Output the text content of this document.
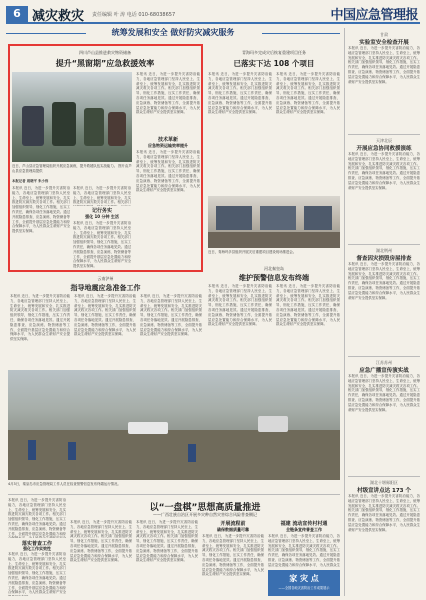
6 减灾救灾 责任编辑 叶 涛 电话 010-68038657	中国应急管理报
统筹发展和安全 做好防灾减灾服务
四川芦山县推进救灾物资储备
提升“黑窗期”应急救援效率
近日，芦山县应急管理局组织开展应急演练，提升救援队伍实战能力。 图片由芦山县应急管理局提供
本报记者 周晓平 朱小伟
本报讯 近日，为进一步提升灾害防治能力，各地应急管理部门坚持人民至上、生命至上，统筹发展和安全，扎实推进防灾减灾救灾各项工作。相关部门加强组织领导，细化工作措施，压实工作责任，确保各项任务落地见效。通过开展隐患排查、应急演练、物资储备等工作，全面提升基层应急处置能力和综合保障水平，为人民群众生命财产安全提供坚实保障。
本报讯 近日，为进一步提升灾害防治能力，各地应急管理部门坚持人民至上、生命至上，统筹发展和安全，扎实推进防灾减灾救灾各项工作。相关部门
记行务实
强化 10 分钟 生活
本报讯 近日，为进一步提升灾害防治能力，各地应急管理部门坚持人民至上、生命至上，统筹发展和安全，扎实推进防灾减灾救灾各项工作。相关部门加强组织领导，细化工作措施，压实工作责任，确保各项任务落地见效。通过开展隐患排查、应急演练、物资储备等工作，全面提升基层应急处置能力和综合保障水平，为人民群众生命财产安全提供坚实保障。
本报讯 近日，为进一步提升灾害防治能力，各地应急管理部门坚持人民至上、生命至上，统筹发展和安全，扎实推进防灾减灾救灾各项工作。相关部门加强组织领导，细化工作措施，压实工作责任，确保各项任务落地见效。通过开展隐患排查、应急演练、物资储备等工作，全面提升基层应急处置能力和综合保障水平，为人民群众生命财产安全提供坚实保障。
技术革新
应急物资运输效率提升
本报讯 近日，为进一步提升灾害防治能力，各地应急管理部门坚持人民至上、生命至上，统筹发展和安全，扎实推进防灾减灾救灾各项工作。相关部门加强组织领导，细化工作措施，压实工作责任，确保各项任务落地见效。通过开展隐患排查、应急演练、物资储备等工作，全面提升基层应急处置能力和综合保障水平，为人民群众生命财产安全提供坚实保障。
云南泸州
指导地震应急准备工作
本报讯 近日，为进一步提升灾害防治能力，各地应急管理部门坚持人民至上、生命至上，统筹发展和安全，扎实推进防灾减灾救灾各项工作。相关部门加强组织领导，细化工作措施，压实工作责任，确保各项任务落地见效。通过开展隐患排查、应急演练、物资储备等工作，全面提升基层应急处置能力和综合保障水平，为人民群众生命财产安全提供坚实保障。
本报讯 近日，为进一步提升灾害防治能力，各地应急管理部门坚持人民至上、生命至上，统筹发展和安全，扎实推进防灾减灾救灾各项工作。相关部门加强组织领导，细化工作措施，压实工作责任，确保各项任务落地见效。通过开展隐患排查、应急演练、物资储备等工作，全面提升基层应急处置能力和综合保障水平，为人民群众生命财产安全提供坚实保障。
本报讯 近日，为进一步提升灾害防治能力，各地应急管理部门坚持人民至上、生命至上，统筹发展和安全，扎实推进防灾减灾救灾各项工作。相关部门加强组织领导，细化工作措施，压实工作责任，确保各项任务落地见效。通过开展隐患排查、应急演练、物资储备等工作，全面提升基层应急处置能力和综合保障水平，为人民群众生命财产安全提供坚实保障。
青海玛多完成灾后恢复重建项目任务
已落实下达 108 个项目
本报讯 近日，为进一步提升灾害防治能力，各地应急管理部门坚持人民至上、生命至上，统筹发展和安全，扎实推进防灾减灾救灾各项工作。相关部门加强组织领导，细化工作措施，压实工作责任，确保各项任务落地见效。通过开展隐患排查、应急演练、物资储备等工作，全面提升基层应急处置能力和综合保障水平，为人民群众生命财产安全提供坚实保障。
本报讯 近日，为进一步提升灾害防治能力，各地应急管理部门坚持人民至上、生命至上，统筹发展和安全，扎实推进防灾减灾救灾各项工作。相关部门加强组织领导，细化工作措施，压实工作责任，确保各项任务落地见效。通过开展隐患排查、应急演练、物资储备等工作，全面提升基层应急处置能力和综合保障水平，为人民群众生命财产安全提供坚实保障。
近日，青海玛多县组织开展灾后重建项目建设现场推进会。
河北秦皇岛
维护预警信息发布终端
本报讯 近日，为进一步提升灾害防治能力，各地应急管理部门坚持人民至上、生命至上，统筹发展和安全，扎实推进防灾减灾救灾各项工作。相关部门加强组织领导，细化工作措施，压实工作责任，确保各项任务落地见效。通过开展隐患排查、应急演练、物资储备等工作，全面提升基层应急处置能力和综合保障水平，为人民群众生命财产安全提供坚实保障。
本报讯 近日，为进一步提升灾害防治能力，各地应急管理部门坚持人民至上、生命至上，统筹发展和安全，扎实推进防灾减灾救灾各项工作。相关部门加强组织领导，细化工作措施，压实工作责任，确保各项任务落地见效。通过开展隐患排查、应急演练、物资储备等工作，全面提升基层应急处置能力和综合保障水平，为人民群众生命财产安全提供坚实保障。
4月3日，秦皇岛市应急管理局工作人员在检查预警信息发布终端运行情况。
以“一盘棋”思想高质量推进
——广西壮族自治区开展多灾种自然灾害综合风险普查侧记
本报讯 近日，为进一步提升灾害防治能力，各地应急管理部门坚持人民至上、生命至上，统筹发展和安全，扎实推进防灾减灾救灾各项工作。相关部门加强组织领导，细化工作措施，压实工作责任，确保各项任务落地见效。通过开展隐患排查、应急演练、物资储备等工作，全面提升基层应急处置能力和综
落实普查工作
强化工作实效性
本报讯 近日，为进一步提升灾害防治能力，各地应急管理部门坚持人民至上、生命至上，统筹发展和安全，扎实推进防灾减灾救灾各项工作。相关部门加强组织领导，细化工作措施，压实工作责任，确保各项任务落地见效。通过开展隐患排查、应急演练、物资储备等工作，全面提升基层应急处置能力和综合保障水平，为人民群众生命财产安全
本报讯 近日，为进一步提升灾害防治能力，各地应急管理部门坚持人民至上、生命至上，统筹发展和安全，扎实推进防灾减灾救灾各项工作。相关部门加强组织领导，细化工作措施，压实工作责任，确保各项任务落地见效。通过开展隐患排查、应急演练、物资储备等工作，全面提升基层应急处置能力和综合保障水平，为人民群众生命财产安全提供坚实保障。
本报讯 近日，为进一步提升灾害防治能力，各地应急管理部门坚持人民至上、生命至上，统筹发展和安全，扎实推进防灾减灾救灾各项工作。相关部门加强组织领导，细化工作措施，压实工作责任，确保各项任务落地见效。通过开展隐患排查、应急演练、物资储备等工作，全面提升基层应急处置能力和综合保障水平，为人民群众生命财产安全提供坚实保障。
开展流程前
确保数据质量可靠
本报讯 近日，为进一步提升灾害防治能力，各地应急管理部门坚持人民至上、生命至上，统筹发展和安全，扎实推进防灾减灾救灾各项工作。相关部门加强组织领导，细化工作措施，压实工作责任，确保各项任务落地见效。通过开展隐患排查、应急演练、物资储备等工作，全面提升基层应急处置能力和综合保障水平，为人民群众生命财产安全提供坚实保障。
福建 流动宣传村村通
全链条宣传普查工作
本报讯 近日，为进一步提升灾害防治能力，各地应急管理部门坚持人民至上、生命至上，统筹发展和安全，扎实推进防灾减灾救灾各项工作。相关部门加强组织领导，细化工作措施，压实工作责任，确保各项任务落地见效。通过开展隐患排查、应急演练、物资储备等工作，全面提升基层应急处置能力和综合保障水平，为人民群众生
家 灾 点
——全国各地灾害防治工作成果展示
甘肃
实验室安全检查开展
本报讯 近日，为进一步提升灾害防治能力，各地应急管理部门坚持人民至上、生命至上，统筹发展和安全，扎实推进防灾减灾救灾各项工作。相关部门加强组织领导，细化工作措施，压实工作责任，确保各项任务落地见效。通过开展隐患排查、应急演练、物资储备等工作，全面提升基层应急处置能力和综合保障水平，为人民群众生命财产安全提供坚实保障。
天津北辰
开展应急协同救援演练
本报讯 近日，为进一步提升灾害防治能力，各地应急管理部门坚持人民至上、生命至上，统筹发展和安全，扎实推进防灾减灾救灾各项工作。相关部门加强组织领导，细化工作措施，压实工作责任，确保各项任务落地见效。通过开展隐患排查、应急演练、物资储备等工作，全面提升基层应急处置能力和综合保障水平，为人民群众生命财产安全提供坚实保障。
湖北荆州
督查因灾损毁房屋排查
本报讯 近日，为进一步提升灾害防治能力，各地应急管理部门坚持人民至上、生命至上，统筹发展和安全，扎实推进防灾减灾救灾各项工作。相关部门加强组织领导，细化工作措施，压实工作责任，确保各项任务落地见效。通过开展隐患排查、应急演练、物资储备等工作，全面提升基层应急处置能力和综合保障水平，为人民群众生命财产安全提供坚实保障。
江苏苏州
应急广播宣传演实战
本报讯 近日，为进一步提升灾害防治能力，各地应急管理部门坚持人民至上、生命至上，统筹发展和安全，扎实推进防灾减灾救灾各项工作。相关部门加强组织领导，细化工作措施，压实工作责任，确保各项任务落地见效。通过开展隐患排查、应急演练、物资储备等工作，全面提升基层应急处置能力和综合保障水平，为人民群众生命财产安全提供坚实保障。
湖北十堰郧阳区
村级宣讲点达 173 个
本报讯 近日，为进一步提升灾害防治能力，各地应急管理部门坚持人民至上、生命至上，统筹发展和安全，扎实推进防灾减灾救灾各项工作。相关部门加强组织领导，细化工作措施，压实工作责任，确保各项任务落地见效。通过开展隐患排查、应急演练、物资储备等工作，全面提升基层应急处置能力和综合保障水平，为人民群众生命财产安全提供坚实保障。
